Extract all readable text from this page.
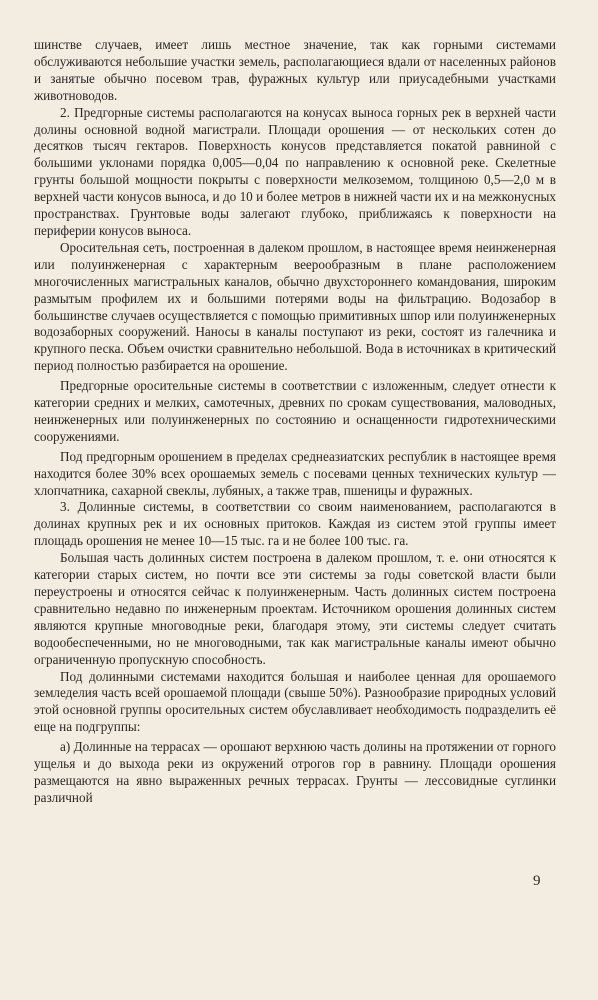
шинстве случаев, имеет лишь местное значение, так как горными системами обслуживаются небольшие участки земель, располагающиеся вдали от населенных районов и занятые обычно посевом трав, фуражных культур или приусадебными участками животноводов.

2. Предгорные системы располагаются на конусах выноса горных рек в верхней части долины основной водной магистрали. Площади орошения — от нескольких сотен до десятков тысяч гектаров. Поверхность конусов представляется покатой равниной с большими уклонами порядка 0,005—0,04 по направлению к основной реке. Скелетные грунты большой мощности покрыты с поверхности мелкоземом, толщиною 0,5—2,0 м в верхней части конусов выноса, и до 10 и более метров в нижней части их и на межконусных пространствах. Грунтовые воды залегают глубоко, приближаясь к поверхности на периферии конусов выноса.

Оросительная сеть, построенная в далеком прошлом, в настоящее время неинженерная или полуинженерная с характерным веерообразным в плане расположением многочисленных магистральных каналов, обычно двухстороннего командования, широким размытым профилем их и большими потерями воды на фильтрацию. Водозабор в большинстве случаев осуществляется с помощью примитивных шпор или полуинженерных водозаборных сооружений. Наносы в каналы поступают из реки, состоят из галечника и крупного песка. Объем очистки сравнительно небольшой. Вода в источниках в критический период полностью разбирается на орошение.

Предгорные оросительные системы в соответствии с изложенным, следует отнести к категории средних и мелких, самотечных, древних по срокам существования, маловодных, неинженерных или полуинженерных по состоянию и оснащенности гидротехническими сооружениями.

Под предгорным орошением в пределах среднеазиатских республик в настоящее время находится более 30% всех орошаемых земель с посевами ценных технических культур — хлопчатника, сахарной свеклы, лубяных, а также трав, пшеницы и фуражных.

3. Долинные системы, в соответствии со своим наименованием, располагаются в долинах крупных рек и их основных притоков. Каждая из систем этой группы имеет площадь орошения не менее 10—15 тыс. га и не более 100 тыс. га.

Большая часть долинных систем построена в далеком прошлом, т. е. они относятся к категории старых систем, но почти все эти системы за годы советской власти были переустроены и относятся сейчас к полуинженерным. Часть долинных систем построена сравнительно недавно по инженерным проектам. Источником орошения долинных систем являются крупные многоводные реки, благодаря этому, эти системы следует считать водообеспеченными, но не многоводными, так как магистральные каналы имеют обычно ограниченную пропускную способность.

Под долинными системами находится большая и наиболее ценная для орошаемого земледелия часть всей орошаемой площади (свыше 50%). Разнообразие природных условий этой основной группы оросительных систем обуславливает необходимость подразделить её еще на подгруппы:

а) Долинные на террасах — орошают верхнюю часть долины на протяжении от горного ущелья и до выхода реки из окружений отрогов гор в равнину. Площади орошения размещаются на явно выраженных речных террасах. Грунты — лессовидные суглинки различной

9
